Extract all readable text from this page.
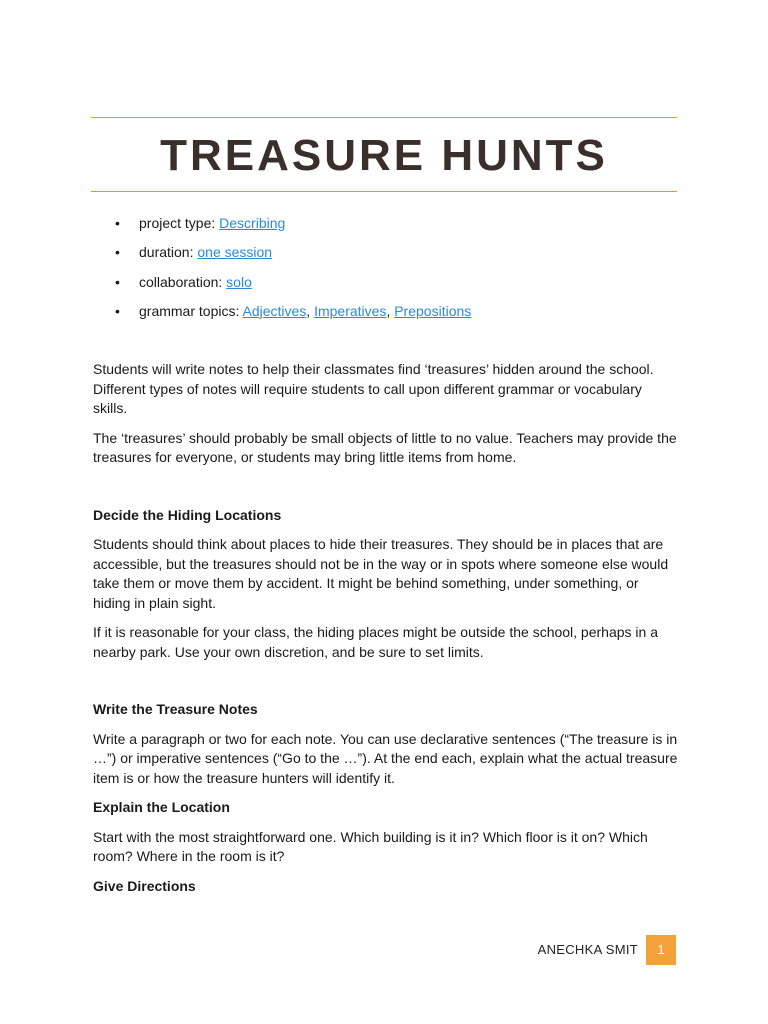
TREASURE HUNTS
• project type: Describing
• duration: one session
• collaboration: solo
• grammar topics: Adjectives, Imperatives, Prepositions

Students will write notes to help their classmates find ‘treasures’ hidden around the school. Different types of notes will require students to call upon different grammar or vocabulary skills.

The ‘treasures’ should probably be small objects of little to no value. Teachers may provide the treasures for everyone, or students may bring little items from home.

Decide the Hiding Locations

Students should think about places to hide their treasures. They should be in places that are accessible, but the treasures should not be in the way or in spots where someone else would take them or move them by accident. It might be behind something, under something, or hiding in plain sight.

If it is reasonable for your class, the hiding places might be outside the school, perhaps in a nearby park. Use your own discretion, and be sure to set limits.

Write the Treasure Notes

Write a paragraph or two for each note. You can use declarative sentences (“The treasure is in …”) or imperative sentences (“Go to the …”). At the end each, explain what the actual treasure item is or how the treasure hunters will identify it.

Explain the Location

Start with the most straightforward one. Which building is it in? Which floor is it on? Which room? Where in the room is it?

Give Directions

ANECHKA SMIT	1
